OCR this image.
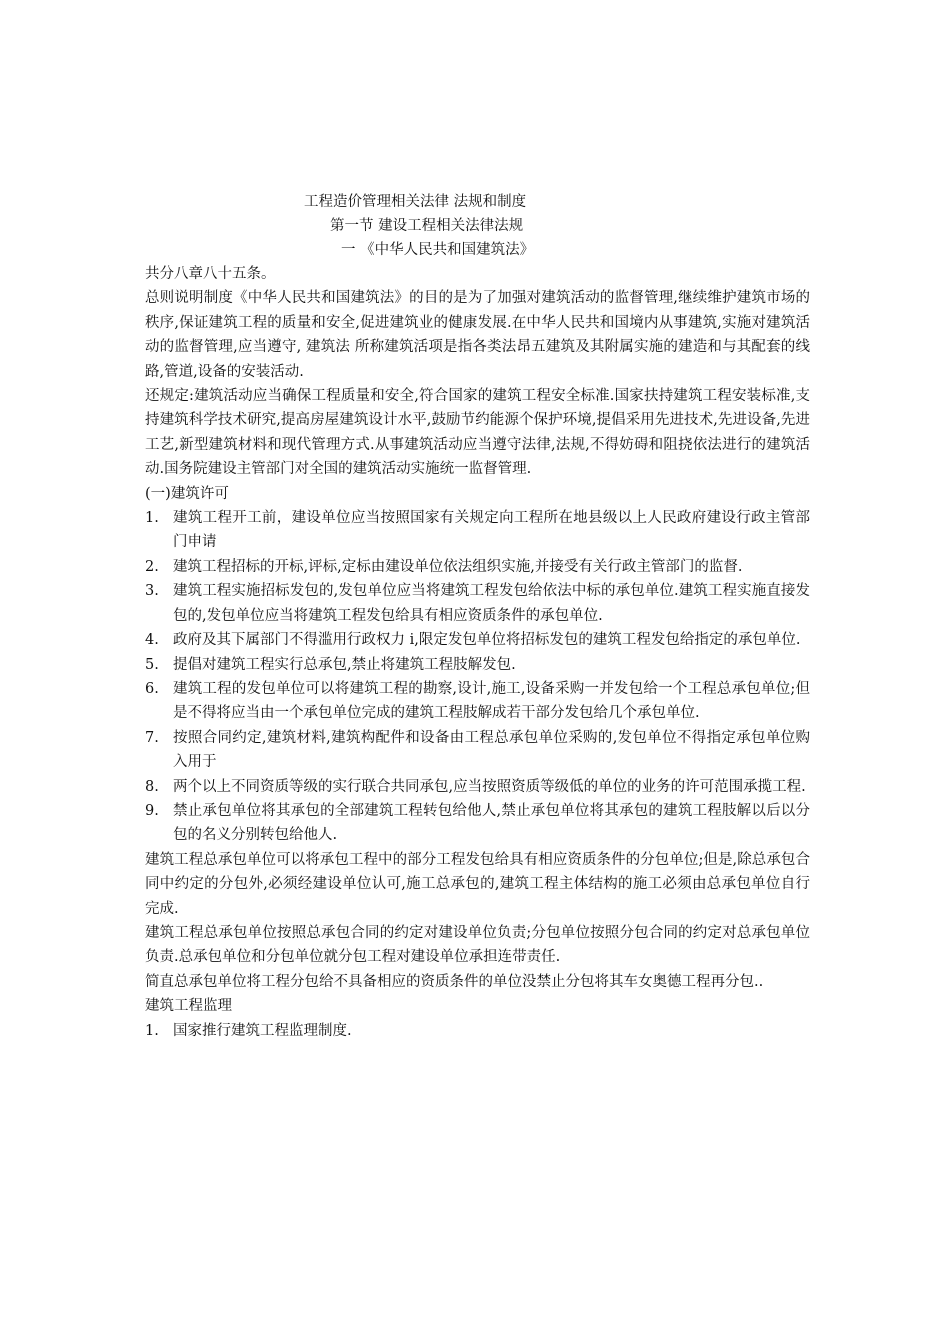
工程造价管理相关法律 法规和制度
第一节 建设工程相关法律法规
一 《中华人民共和国建筑法》

共分八章八十五条。

总则说明制度《中华人民共和国建筑法》的目的是为了加强对建筑活动的监督管理,继续维护建筑市场的秩序,保证建筑工程的质量和安全,促进建筑业的健康发展.在中华人民共和国境内从事建筑,实施对建筑活动的监督管理,应当遵守, 建筑法 所称建筑活项是指各类法昂五建筑及其附属实施的建造和与其配套的线路,管道,设备的安装活动.

还规定:建筑活动应当确保工程质量和安全,符合国家的建筑工程安全标准.国家扶持建筑工程安装标准,支持建筑科学技术研究,提高房屋建筑设计水平,鼓励节约能源个保护环境,提倡采用先进技术,先进设备,先进工艺,新型建筑材料和现代管理方式.从事建筑活动应当遵守法律,法规,不得妨碍和阻挠依法进行的建筑活动.国务院建设主管部门对全国的建筑活动实施统一监督管理.

(一)建筑许可

1. 建筑工程开工前，建设单位应当按照国家有关规定向工程所在地县级以上人民政府建设行政主管部门申请
2. 建筑工程招标的开标,评标,定标由建设单位依法组织实施,并接受有关行政主管部门的监督.
3. 建筑工程实施招标发包的,发包单位应当将建筑工程发包给依法中标的承包单位.建筑工程实施直接发包的,发包单位应当将建筑工程发包给具有相应资质条件的承包单位.
4. 政府及其下属部门不得滥用行政权力 i,限定发包单位将招标发包的建筑工程发包给指定的承包单位.
5. 提倡对建筑工程实行总承包,禁止将建筑工程肢解发包.
6. 建筑工程的发包单位可以将建筑工程的勘察,设计,施工,设备采购一并发包给一个工程总承包单位;但是不得将应当由一个承包单位完成的建筑工程肢解成若干部分发包给几个承包单位.
7. 按照合同约定,建筑材料,建筑构配件和设备由工程总承包单位采购的,发包单位不得指定承包单位购入用于
8. 两个以上不同资质等级的实行联合共同承包,应当按照资质等级低的单位的业务的许可范围承揽工程.
9. 禁止承包单位将其承包的全部建筑工程转包给他人,禁止承包单位将其承包的建筑工程肢解以后以分包的名义分别转包给他人.

建筑工程总承包单位可以将承包工程中的部分工程发包给具有相应资质条件的分包单位;但是,除总承包合同中约定的分包外,必须经建设单位认可,施工总承包的,建筑工程主体结构的施工必须由总承包单位自行完成.

建筑工程总承包单位按照总承包合同的约定对建设单位负责;分包单位按照分包合同的约定对总承包单位负责.总承包单位和分包单位就分包工程对建设单位承担连带责任.

简直总承包单位将工程分包给不具备相应的资质条件的单位没禁止分包将其车女奥德工程再分包..

建筑工程监理

1. 国家推行建筑工程监理制度.
